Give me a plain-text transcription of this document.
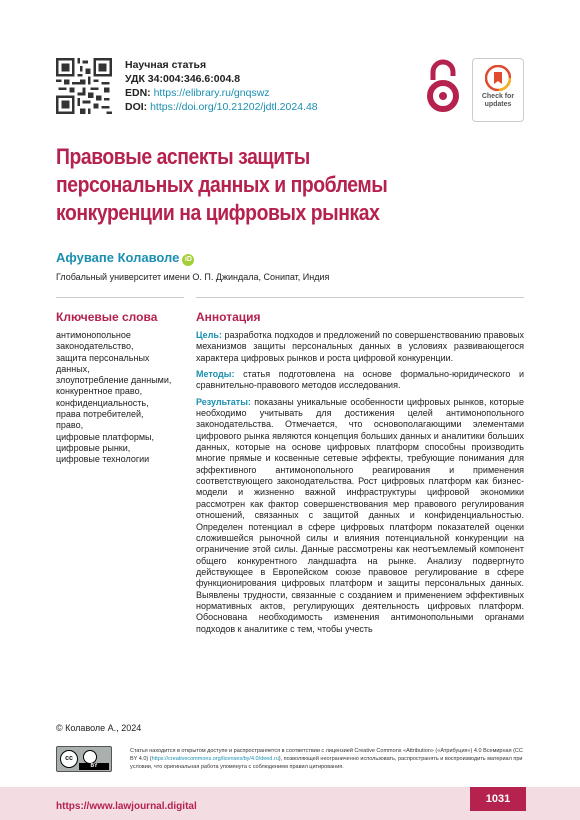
Научная статья
УДК 34:004:346.6:004.8
EDN: https://elibrary.ru/gnqswz
DOI: https://doi.org/10.21202/jdtl.2024.48
Check for
updates
Правовые аспекты защиты персональных данных и проблемы конкуренции на цифровых рынках
Афувапе Колаволе iD
Глобальный университет имени О. П. Джиндала, Сонипат, Индия
Ключевые слова
антимонопольное
законодательство,
защита персональных
данных,
злоупотребление данными,
конкурентное право,
конфиденциальность,
права потребителей,
право,
цифровые платформы,
цифровые рынки,
цифровые технологии
Аннотация

Цель: разработка подходов и предложений по совершенствованию правовых механизмов защиты персональных данных в условиях развивающегося характера цифровых рынков и роста цифровой конкуренции.

Методы: статья подготовлена на основе формально-юридического и сравнительно-правового методов исследования.

Результаты: показаны уникальные особенности цифровых рынков, которые необходимо учитывать для достижения целей антимонопольного законодательства. Отмечается, что основополагающими элементами цифрового рынка являются концепция больших данных и аналитики больших данных, которые на основе цифровых платформ способны производить многие прямые и косвенные сетевые эффекты, требующие понимания для эффективного антимонопольного реагирования и применения соответствующего законодательства. Рост цифровых платформ как бизнес-модели и жизненно важной инфраструктуры цифровой экономики рассмотрен как фактор совершенствования мер правового регулирования отношений, связанных с защитой данных и конфиденциальностью. Определен потенциал в сфере цифровых платформ показателей оценки сложившейся рыночной силы и влияния потенциальной конкуренции на ограничение этой силы. Данные рассмотрены как неотъемлемый компонент общего конкурентного ландшафта на рынке. Анализу подвергнуто действующее в Европейском союзе правовое регулирование в сфере функционирования цифровых платформ и защиты персональных данных. Выявлены трудности, связанные с созданием и применением эффективных нормативных актов, регулирующих деятельность цифровых платформ. Обоснована необходимость изменения антимонопольными органами подходов к аналитике с тем, чтобы учесть

© Колаволе А., 2024
cc
BY
Статья находится в открытом доступе и распространяется в соответствии с лицензией Creative Commons «Attribution» («Атрибуция») 4.0 Всемирная (CC BY 4.0) (https://creativecommons.org/licenses/by/4.0/deed.ru), позволяющей неограниченно использовать, распространять и воспроизводить материал при условии, что оригинальная работа упомянута с соблюдением правил цитирования.
https://www.lawjournal.digital
1031
